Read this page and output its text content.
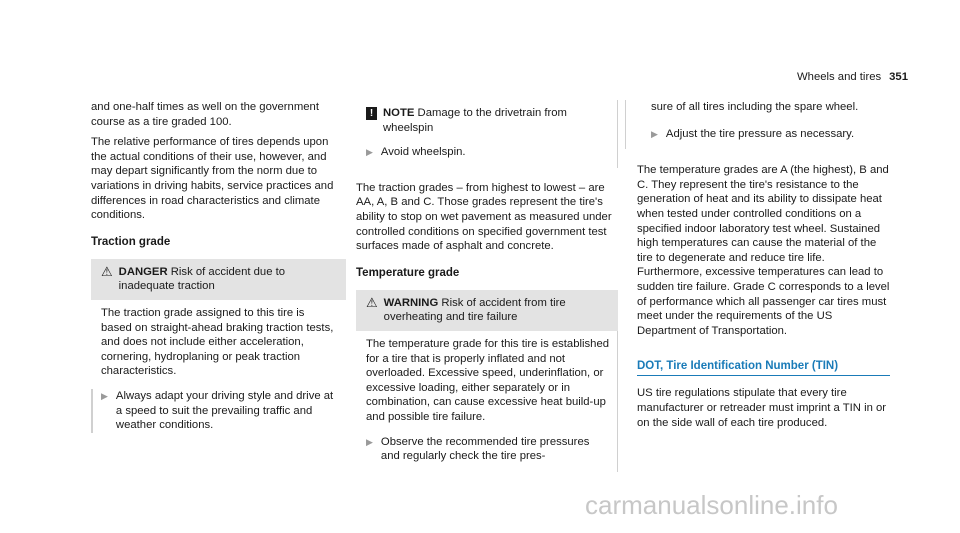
Wheels and tires 351

and one-half times as well on the government course as a tire graded 100.

The relative performance of tires depends upon the actual conditions of their use, however, and may depart significantly from the norm due to variations in driving habits, service practices and differences in road characteristics and climate conditions.

Traction grade

⚠ DANGER Risk of accident due to inadequate traction

The traction grade assigned to this tire is based on straight-ahead braking traction tests, and does not include either acceleration, cornering, hydroplaning or peak traction characteristics.

▶ Always adapt your driving style and drive at a speed to suit the prevailing traffic and weather conditions.
! NOTE Damage to the drivetrain from wheelspin
▶ Avoid wheelspin.

The traction grades – from highest to lowest – are AA, A, B and C. Those grades represent the tire's ability to stop on wet pavement as measured under controlled conditions on specified government test surfaces made of asphalt and concrete.

Temperature grade

⚠ WARNING Risk of accident from tire overheating and tire failure

The temperature grade for this tire is established for a tire that is properly inflated and not overloaded. Excessive speed, underinflation, or excessive loading, either separately or in combination, can cause excessive heat build-up and possible tire failure.

▶ Observe the recommended tire pressures and regularly check the tire pres-

sure of all tires including the spare wheel.

▶ Adjust the tire pressure as necessary.

The temperature grades are A (the highest), B and C. They represent the tire's resistance to the generation of heat and its ability to dissipate heat when tested under controlled conditions on a specified indoor laboratory test wheel. Sustained high temperatures can cause the material of the tire to degenerate and reduce tire life. Furthermore, excessive temperatures can lead to sudden tire failure. Grade C corresponds to a level of performance which all passenger car tires must meet under the requirements of the US Department of Transportation.

DOT, Tire Identification Number (TIN)

US tire regulations stipulate that every tire manufacturer or retreader must imprint a TIN in or on the side wall of each tire produced.

carmanualsonline.info
